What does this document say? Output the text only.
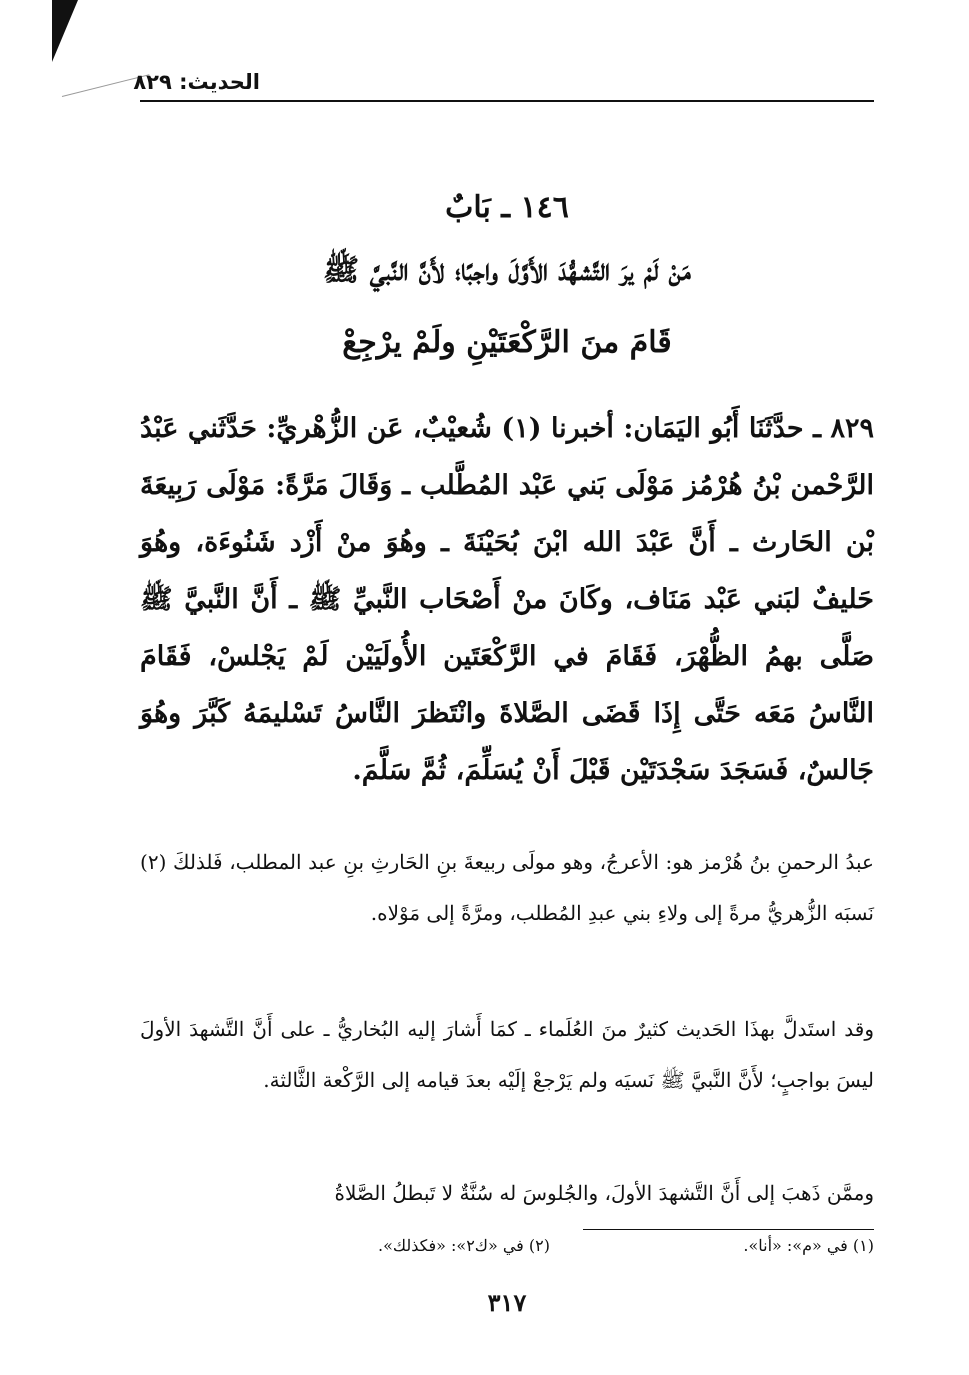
الحديث: ٨٢٩
١٤٦ ـ بَابٌ
مَنْ لَمْ يرَ التَّشهُّدَ الأَوَّلَ واجبًا؛ لأَنَّ النَّبيَّ ﷺ
قَامَ منَ الرَّكْعَتَيْنِ ولَمْ يرْجِعْ

٨٢٩ ـ حدَّثَنَا أَبُو اليَمَان: أخبرنا (١) شُعيْبٌ، عَن الزُّهْريِّ: حَدَّثَني عَبْدُ الرَّحْمن بْنُ هُرْمُز مَوْلَى بَني عَبْد المُطَّلب ـ وَقَالَ مَرَّةً: مَوْلَى رَبِيعَةَ بْن الحَارث ـ أَنَّ عَبْدَ الله ابْنَ بُحَيْنَةَ ـ وهُوَ منْ أَزْد شَنُوءَة، وهُوَ حَليفٌ لبَني عَبْد مَنَاف، وكَانَ منْ أَصْحَاب النَّبيِّ ﷺ ـ أَنَّ النَّبيَّ ﷺ صَلَّى بهمُ الظُّهْرَ، فَقَامَ في الرَّكْعَتَين الأُولَيَيْن لَمْ يَجْلسْ، فَقَامَ النَّاسُ مَعَه حَتَّى إِذَا قَضَى الصَّلاةَ وانْتَظرَ النَّاسُ تَسْليمَهُ كَبَّرَ وهُوَ جَالسٌ، فَسَجَدَ سَجْدَتَيْن قَبْلَ أَنْ يُسَلِّمَ، ثُمَّ سَلَّمَ.

عبدُ الرحمنِ بنُ هُرْمز هو: الأعرجُ، وهو مولَى ربيعةَ بنِ الحَارثِ بنِ عبد المطلب، فَلذلكَ (٢) نَسبَه الزُّهريُّ مرةً إلى ولاءِ بني عبدِ المُطلب، ومرَّةً إلى مَوْلاه.

وقد استَدلَّ بهذَا الحَديث كثيرٌ منَ العُلَماء ـ كمَا أَشارَ إليه البُخاريُّ ـ على أَنَّ التَّشهدَ الأولَ ليسَ بواجبٍ؛ لأَنَّ النَّبيَّ ﷺ نَسيَه ولم يَرْجعْ إلَيْه بعدَ قيامه إلى الرَّكْعة الثَّالثة.

وممَّن ذَهبَ إلى أَنَّ التَّشهدَ الأولَ، والجُلوسَ له سُنَّةٌ لا تَبطلُ الصَّلاةُ

(١) في «م»: «أنا».
(٢) في «ك٢»: «فكذلك».
٣١٧
